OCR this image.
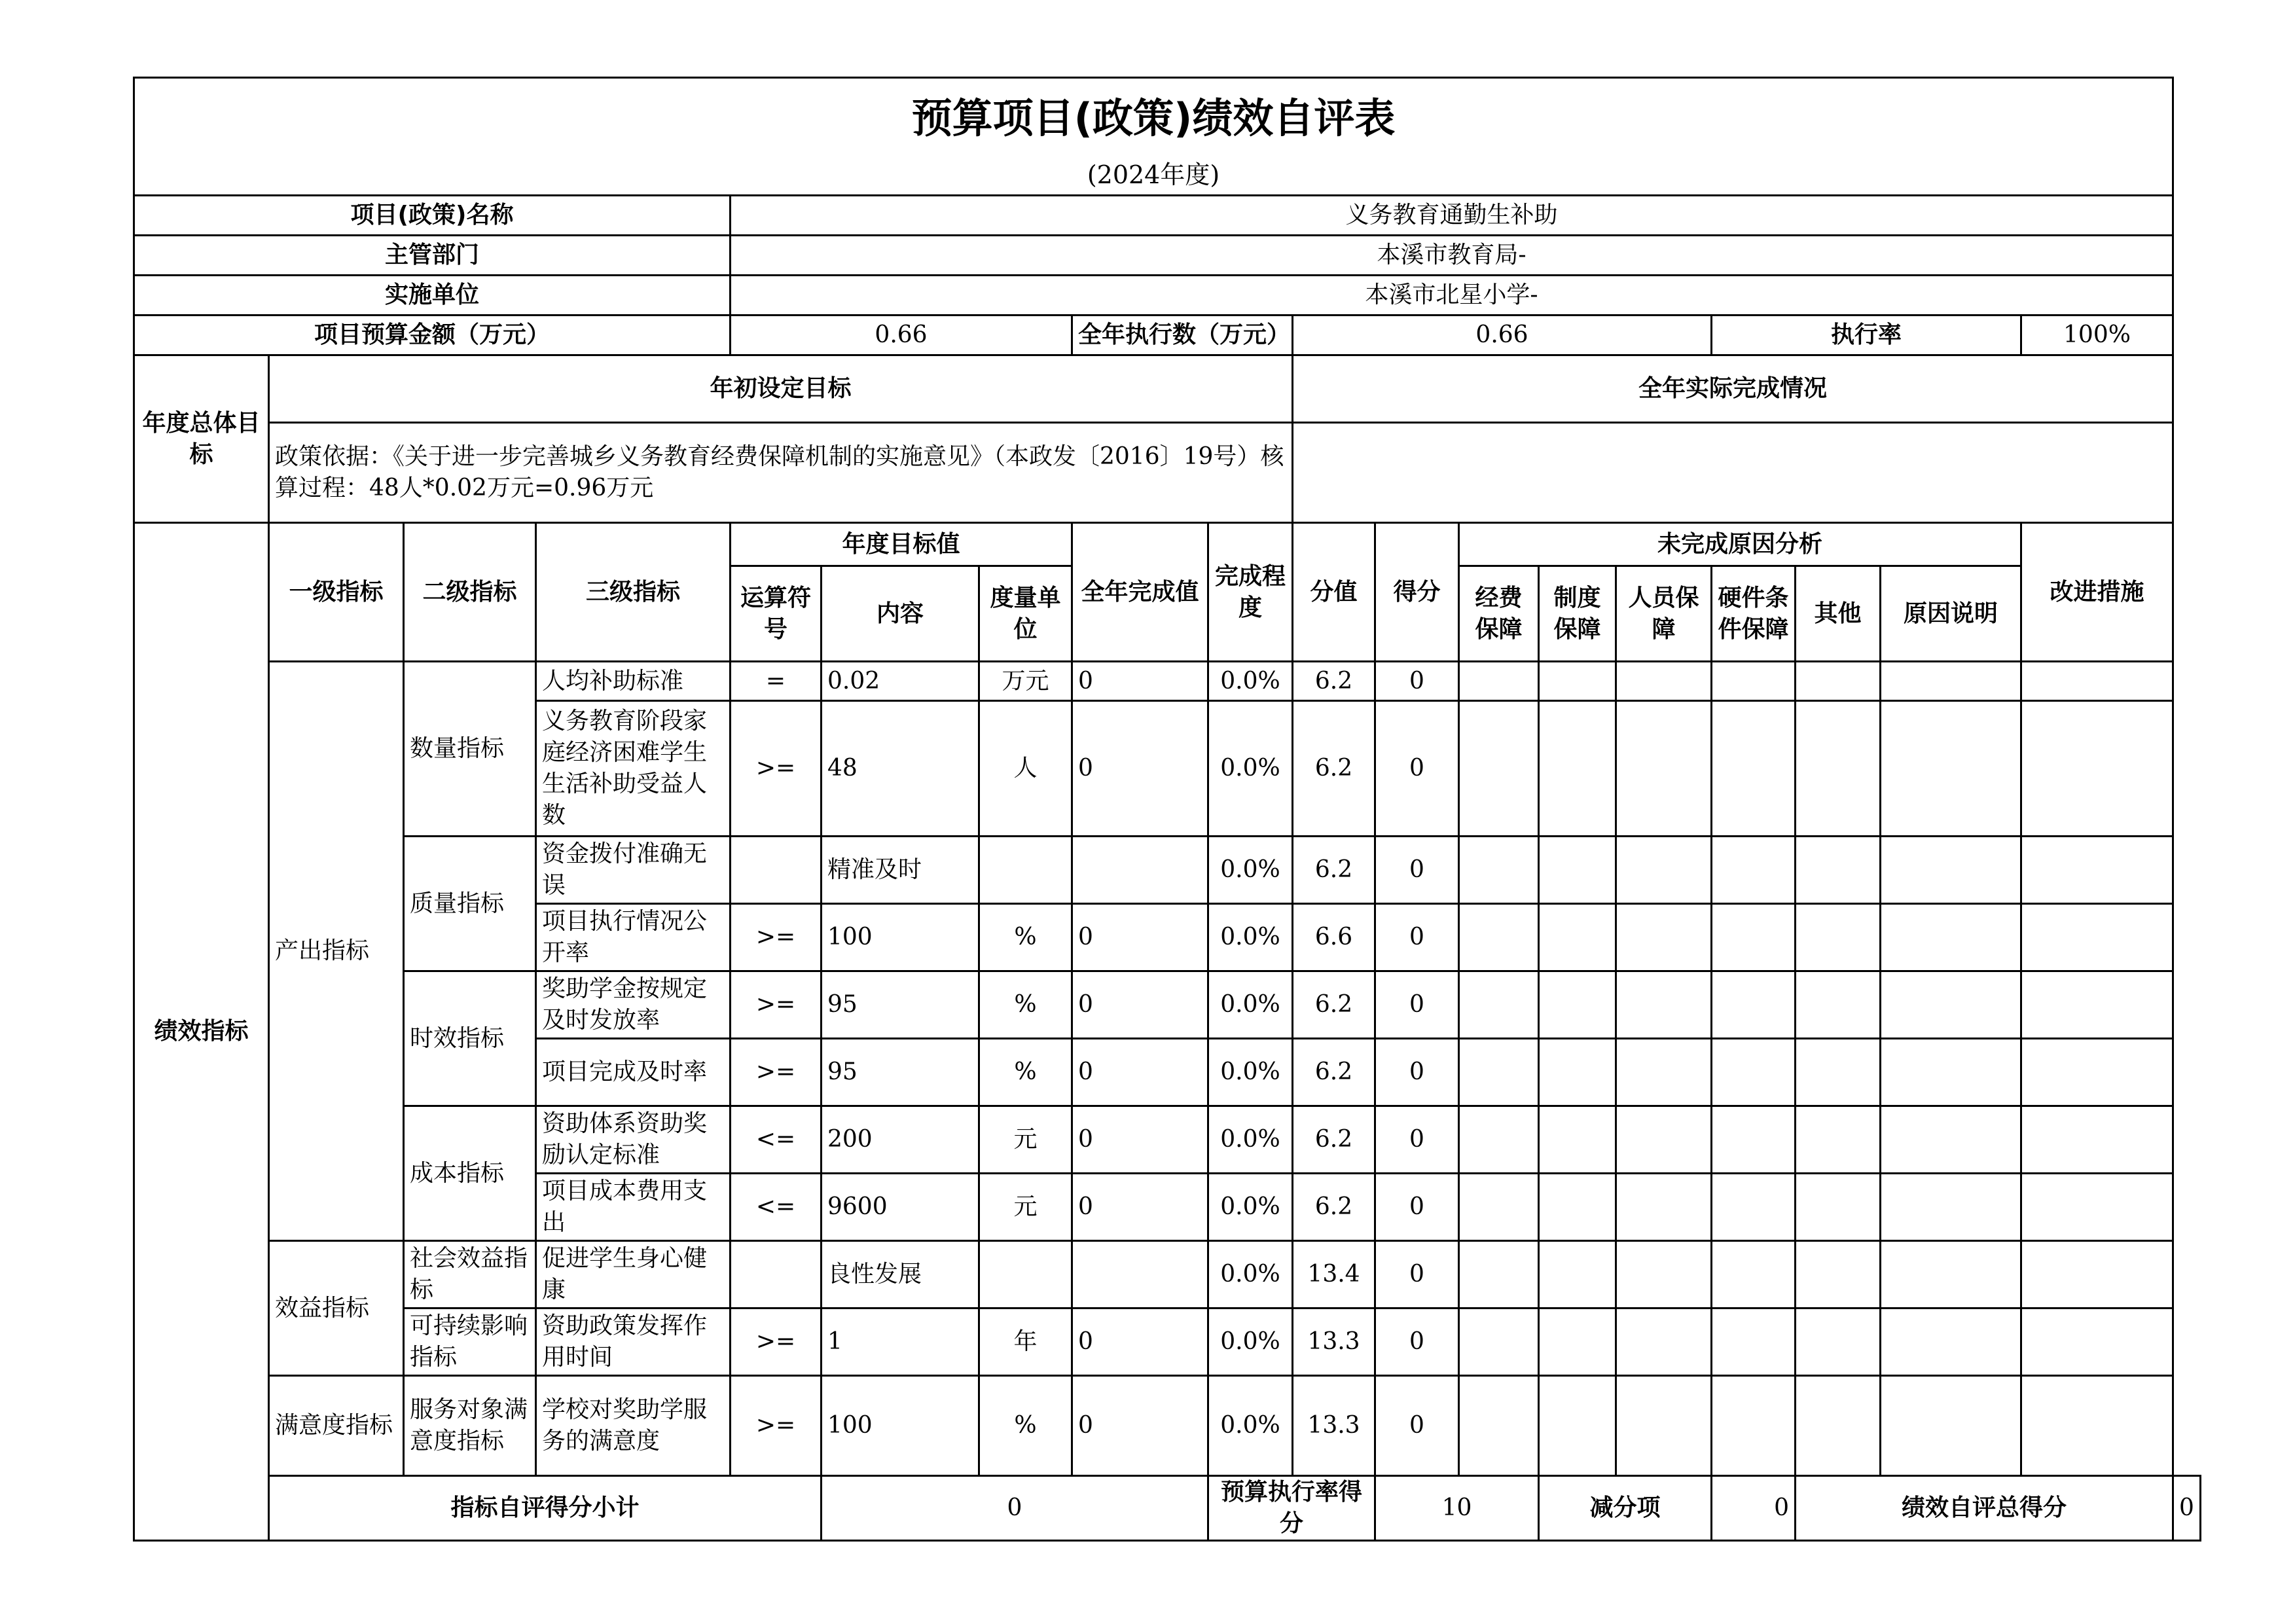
预算项目(政策)绩效自评表																		
(2024年度)																		
项目(政策)名称				义务教育通勤生补助														
主管部门				本溪市教育局-														
实施单位				本溪市北星小学-														
项目预算金额（万元）				0.66			全年执行数（万元）		0.66					执行率			100%	
年度总体目标	年初设定目标								全年实际完成情况									
	政策依据：《关于进一步完善城乡义务教育经费保障机制的实施意见》（本政发〔2016〕19号）核算过程：48人*0.02万元=0.96万元																	
绩效指标	一级指标	二级指标	三级指标	年度目标值			全年完成值	完成程度	分值	得分	未完成原因分析						改进措施	
				运算符号	内容	度量单位					经费保障	制度保障	人员保障	硬件条件保障	其他	原因说明		
	产出指标	数量指标	人均补助标准	=	0.02	万元	0	0.0%	6.2	0								
			义务教育阶段家庭经济困难学生生活补助受益人数	>=	48	人	0	0.0%	6.2	0								
		质量指标	资金拨付准确无误		精准及时			0.0%	6.2	0								
			项目执行情况公开率	>=	100	%	0	0.0%	6.6	0								
		时效指标	奖助学金按规定及时发放率	>=	95	%	0	0.0%	6.2	0								
			项目完成及时率	>=	95	%	0	0.0%	6.2	0								
		成本指标	资助体系资助奖励认定标准	<=	200	元	0	0.0%	6.2	0								
			项目成本费用支出	<=	9600	元	0	0.0%	6.2	0								
	效益指标	社会效益指标	促进学生身心健康		良性发展			0.0%	13.4	0								
		可持续影响指标	资助政策发挥作用时间	>=	1	年	0	0.0%	13.3	0								
	满意度指标	服务对象满意度指标	学校对奖助学服务的满意度	>=	100	%	0	0.0%	13.3	0								
	指标自评得分小计				0			预算执行率得分		10		减分项		0	绩效自评总得分			0
